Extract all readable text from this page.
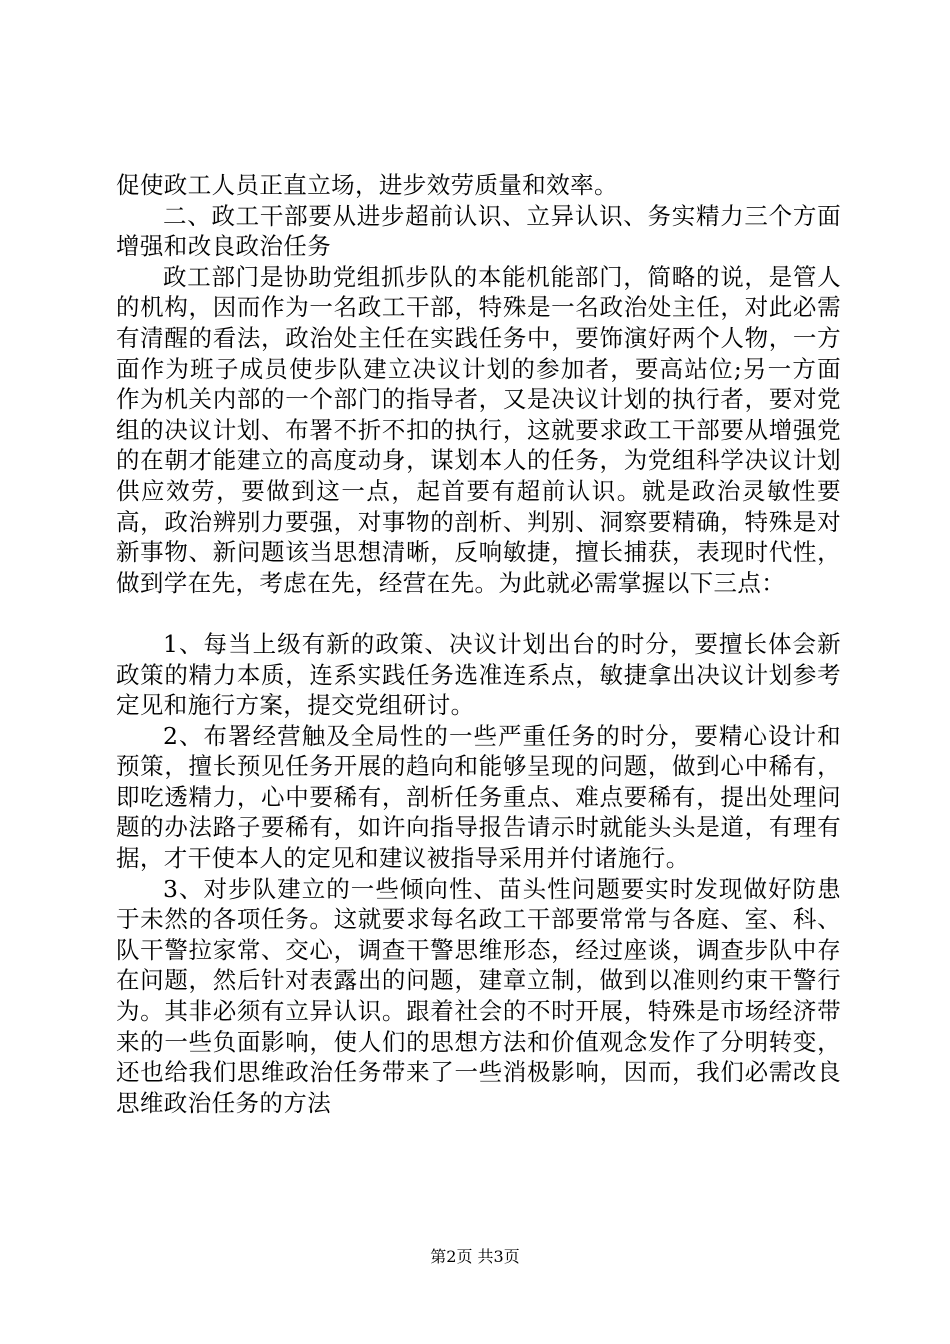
促使政工人员正直立场，进步效劳质量和效率。

二、政工干部要从进步超前认识、立异认识、务实精力三个方面增强和改良政治任务

政工部门是协助党组抓步队的本能机能部门，简略的说，是管人的机构，因而作为一名政工干部，特殊是一名政治处主任，对此必需有清醒的看法，政治处主任在实践任务中，要饰演好两个人物，一方面作为班子成员使步队建立决议计划的参加者，要高站位;另一方面作为机关内部的一个部门的指导者，又是决议计划的执行者，要对党组的决议计划、布署不折不扣的执行，这就要求政工干部要从增强党的在朝才能建立的高度动身，谋划本人的任务，为党组科学决议计划供应效劳，要做到这一点，起首要有超前认识。就是政治灵敏性要高，政治辨别力要强，对事物的剖析、判别、洞察要精确，特殊是对新事物、新问题该当思想清晰，反响敏捷，擅长捕获，表现时代性，做到学在先，考虑在先，经营在先。为此就必需掌握以下三点：

1、每当上级有新的政策、决议计划出台的时分，要擅长体会新政策的精力本质，连系实践任务选准连系点，敏捷拿出决议计划参考定见和施行方案，提交党组研讨。

2、布署经营触及全局性的一些严重任务的时分，要精心设计和预策，擅长预见任务开展的趋向和能够呈现的问题，做到心中稀有，即吃透精力，心中要稀有，剖析任务重点、难点要稀有，提出处理问题的办法路子要稀有，如许向指导报告请示时就能头头是道，有理有据，才干使本人的定见和建议被指导采用并付诸施行。

3、对步队建立的一些倾向性、苗头性问题要实时发现做好防患于未然的各项任务。这就要求每名政工干部要常常与各庭、室、科、队干警拉家常、交心，调查干警思维形态，经过座谈，调查步队中存在问题，然后针对表露出的问题，建章立制，做到以准则约束干警行为。其非必须有立异认识。跟着社会的不时开展，特殊是市场经济带来的一些负面影响，使人们的思想方法和价值观念发作了分明转变，还也给我们思维政治任务带来了一些消极影响，因而，我们必需改良思维政治任务的方法

第2页 共3页
